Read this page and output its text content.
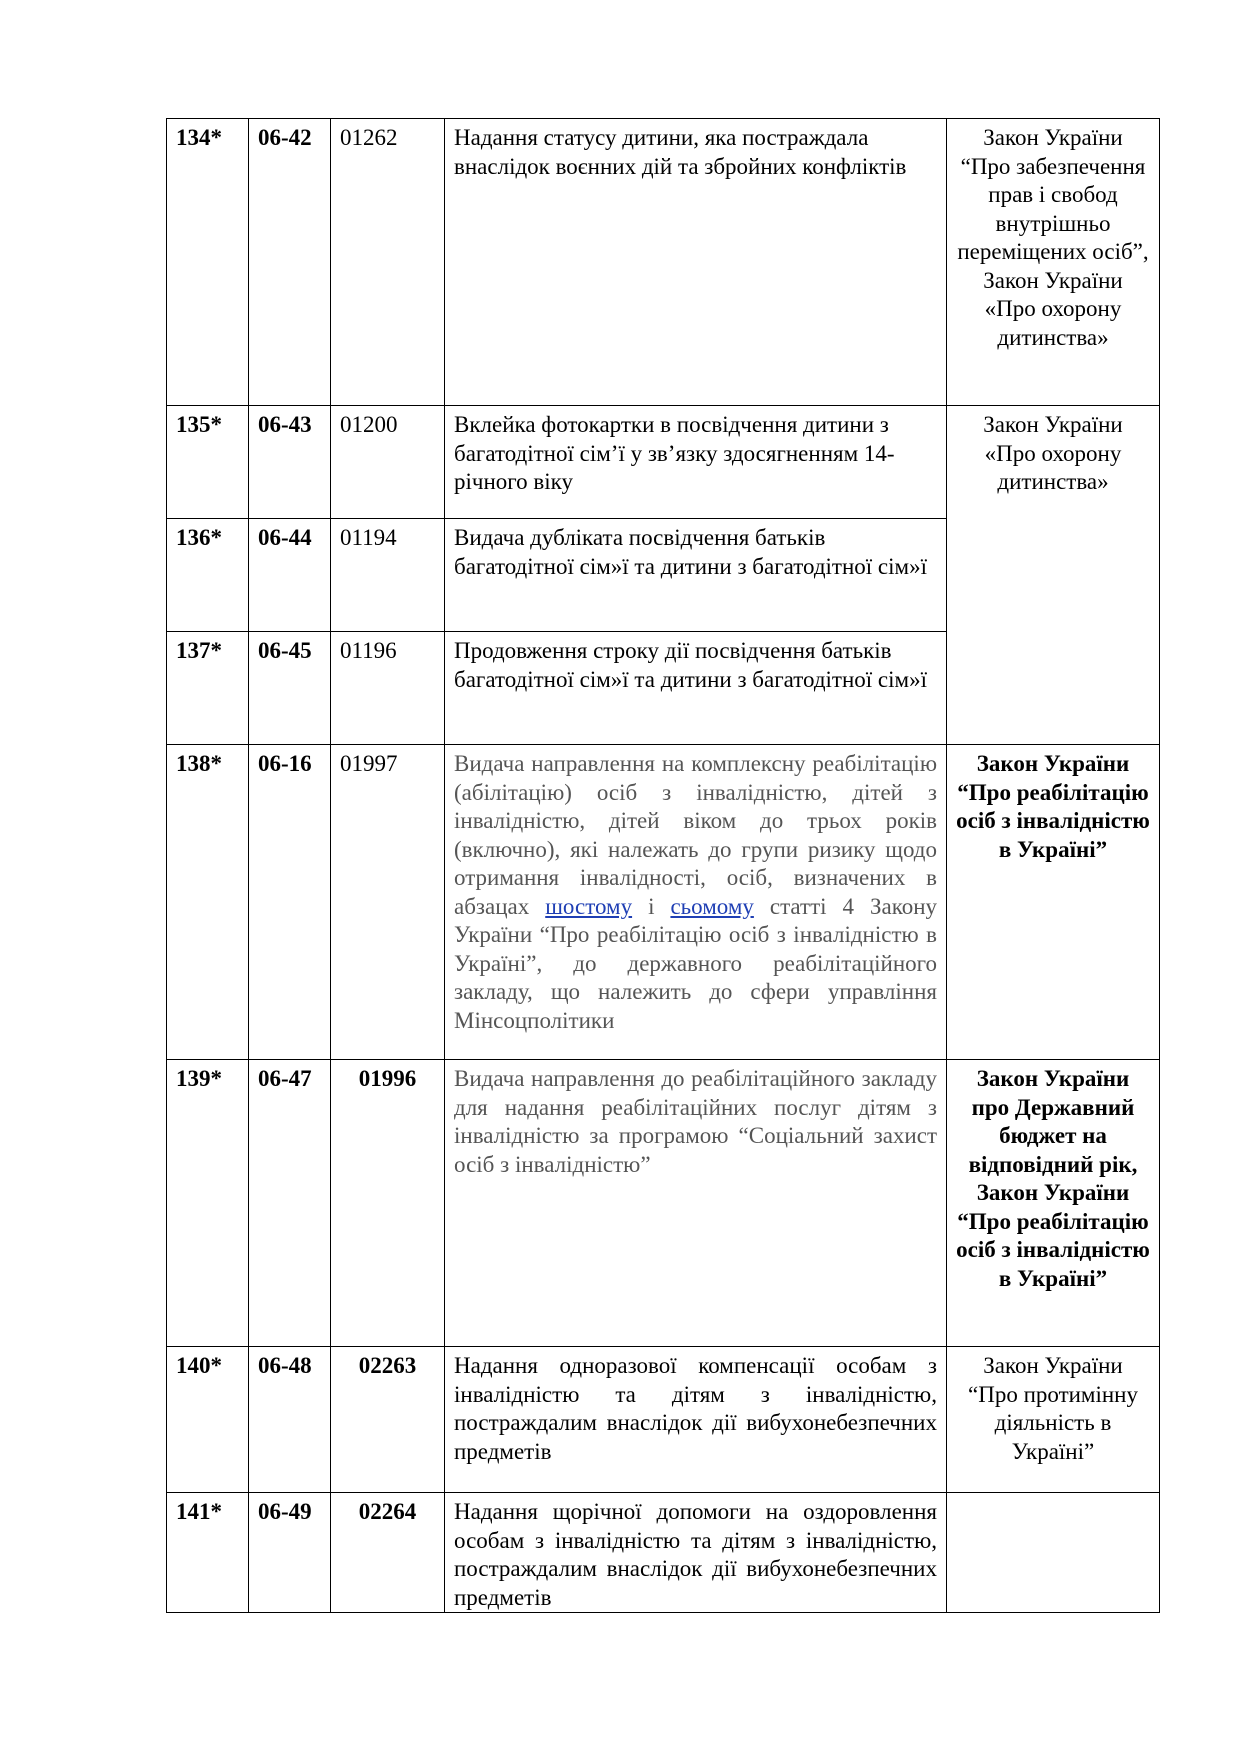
134*	06-42	01262	Надання статусу дитини, яка постраждала внаслідок воєнних дій та збройних конфліктів	Закон України “Про забезпечення прав і свобод внутрішньо переміщених осіб”, Закон України «Про охорону дитинства»
135*	06-43	01200	Вклейка фотокартки в посвідчення дитини з багатодітної сім’ї у зв’язку здосягненням 14-річного віку	Закон України «Про охорону дитинства»
136*	06-44	01194	Видача дубліката посвідчення батьків багатодітної сім»ї та дитини з багатодітної сім»ї	
137*	06-45	01196	Продовження строку дії посвідчення батьків багатодітної сім»ї та дитини з багатодітної сім»ї	
138*	06-16	01997	Видача направлення на комплексну реабілітацію (абілітацію) осіб з інвалідністю, дітей з інвалідністю, дітей віком до трьох років (включно), які належать до групи ризику щодо отримання інвалідності, осіб, визначених в абзацах шостому і сьомому статті 4 Закону України “Про реабілітацію осіб з інвалідністю в Україні”, до державного реабілітаційного закладу, що належить до сфери управління Мінсоцполітики	Закон України “Про реабілітацію осіб з інвалідністю в Україні”
139*	06-47	01996	Видача направлення до реабілітаційного закладу для надання реабілітаційних послуг дітям з інвалідністю за програмою “Соціальний захист осіб з інвалідністю”	Закон України про Державний бюджет на відповідний рік, Закон України “Про реабілітацію осіб з інвалідністю в Україні”
140*	06-48	02263	Надання одноразової компенсації особам з інвалідністю та дітям з інвалідністю, постраждалим внаслідок дії вибухонебезпечних предметів	Закон України “Про протимінну діяльність в Україні”
141*	06-49	02264	Надання щорічної допомоги на оздоровлення особам з інвалідністю та дітям з інвалідністю, постраждалим внаслідок дії вибухонебезпечних предметів	
